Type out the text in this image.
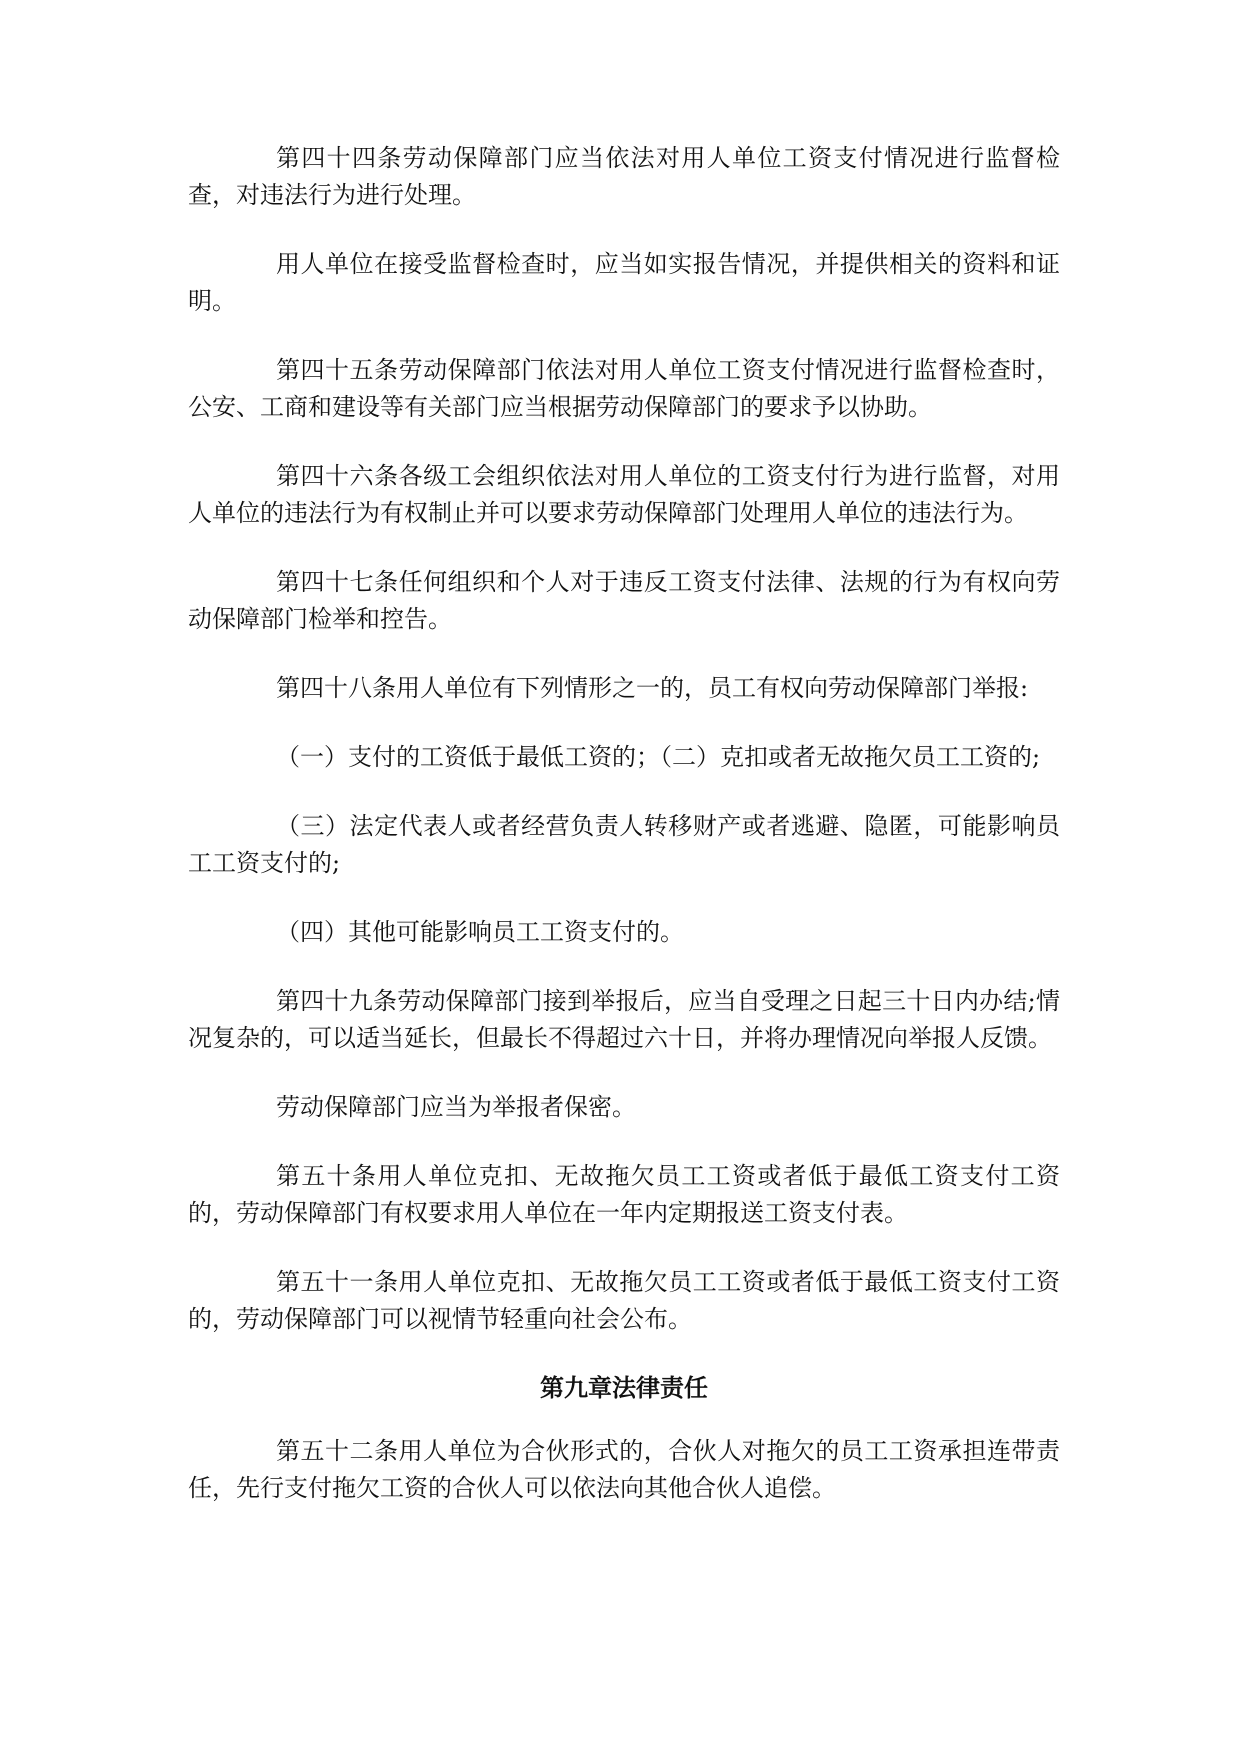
第四十四条劳动保障部门应当依法对用人单位工资支付情况进行监督检查，对违法行为进行处理。

用人单位在接受监督检查时，应当如实报告情况，并提供相关的资料和证明。

第四十五条劳动保障部门依法对用人单位工资支付情况进行监督检查时，公安、工商和建设等有关部门应当根据劳动保障部门的要求予以协助。

第四十六条各级工会组织依法对用人单位的工资支付行为进行监督，对用人单位的违法行为有权制止并可以要求劳动保障部门处理用人单位的违法行为。

第四十七条任何组织和个人对于违反工资支付法律、法规的行为有权向劳动保障部门检举和控告。

第四十八条用人单位有下列情形之一的，员工有权向劳动保障部门举报:

（一）支付的工资低于最低工资的；（二）克扣或者无故拖欠员工工资的;

（三）法定代表人或者经营负责人转移财产或者逃避、隐匿，可能影响员工工资支付的;

（四）其他可能影响员工工资支付的。

第四十九条劳动保障部门接到举报后，应当自受理之日起三十日内办结;情况复杂的，可以适当延长，但最长不得超过六十日，并将办理情况向举报人反馈。

劳动保障部门应当为举报者保密。

第五十条用人单位克扣、无故拖欠员工工资或者低于最低工资支付工资的，劳动保障部门有权要求用人单位在一年内定期报送工资支付表。

第五十一条用人单位克扣、无故拖欠员工工资或者低于最低工资支付工资的，劳动保障部门可以视情节轻重向社会公布。

第九章法律责任

第五十二条用人单位为合伙形式的，合伙人对拖欠的员工工资承担连带责任，先行支付拖欠工资的合伙人可以依法向其他合伙人追偿。
